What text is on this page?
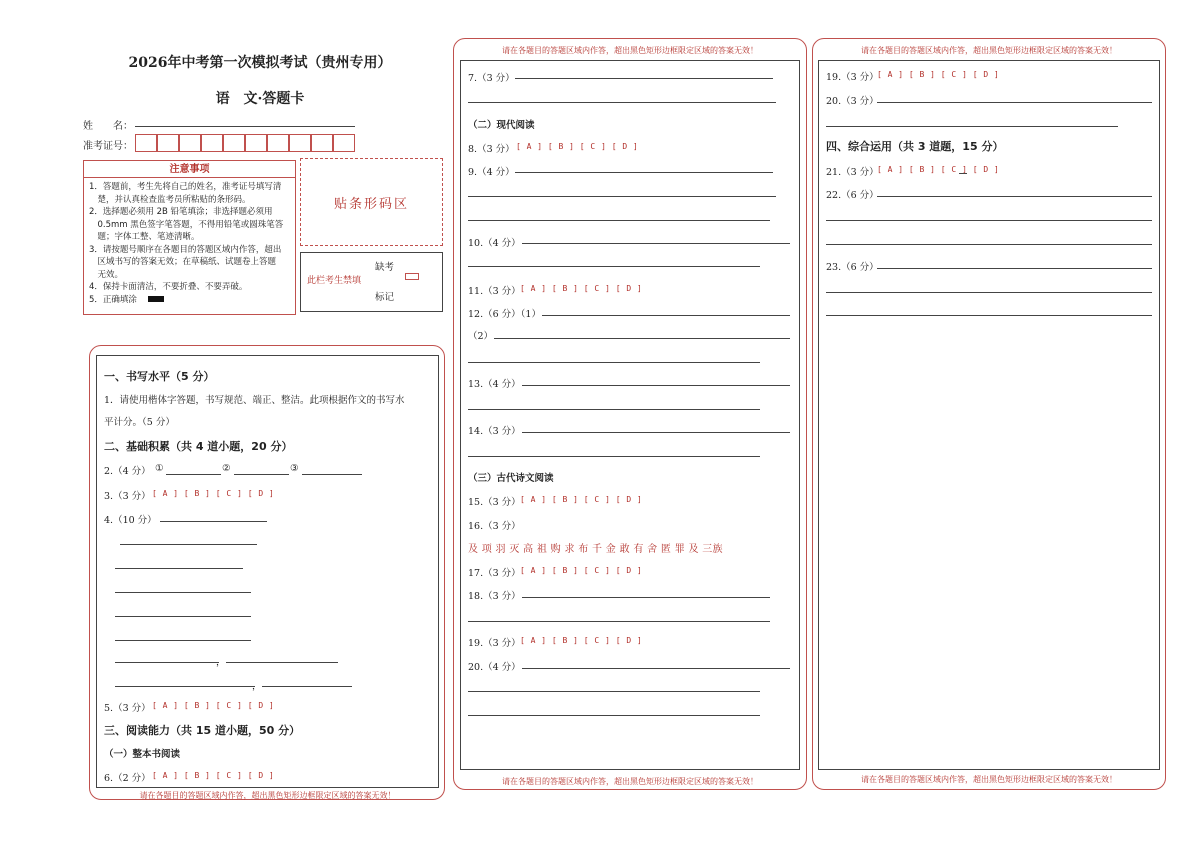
2026年中考第一次模拟考试（贵州专用）
语　文·答题卡
姓　　名：
准考证号：
注意事项
1．答题前，考生先将自己的姓名，准考证号填写清
　楚，并认真检查监考员所粘贴的条形码。
2．选择题必须用 2B 铅笔填涂；非选择题必须用
　0.5mm 黑色签字笔答题，不得用铅笔或圆珠笔答
　题；字体工整、笔迹清晰。
3．请按题号顺序在各题目的答题区域内作答，超出
　区域书写的答案无效；在草稿纸、试题卷上答题
　无效。
4．保持卡面清洁，不要折叠、不要弄破。
5．正确填涂
贴条形码区
此栏考生禁填
缺考
标记
请在各题目的答题区域内作答，超出黑色矩形边框限定区域的答案无效！
一、书写水平（5 分）
1．请使用楷体字答题，书写规范、端正、整洁。此项根据作文的书写水
平计分。（5 分）
二、基础积累（共 4 道小题，20 分）
2.（4 分） ①	②	③
3.（3 分） [ A ] [ B ] [ C ] [ D ]
4.（10 分）
，
，
5.（3 分） [ A ] [ B ] [ C ] [ D ]
三、阅读能力（共 15 道小题，50 分）
（一）整本书阅读
6.（2 分） [ A ] [ B ] [ C ] [ D ]
请在各题目的答题区域内作答，超出黑色矩形边框限定区域的答案无效！
请在各题目的答题区域内作答，超出黑色矩形边框限定区域的答案无效！
7.（3 分）
（二）现代阅读
8.（3 分） [ A ] [ B ] [ C ] [ D ]
9.（4 分）
10.（4 分）
11.（3 分） [ A ] [ B ] [ C ] [ D ]
12.（6 分）（1）
（2）
13.（4 分）
14.（3 分）
（三）古代诗文阅读
15.（3 分） [ A ] [ B ] [ C ] [ D ]
16.（3 分）
及 项 羽 灭 高 祖 购 求 布 千 金 敢 有 舍 匿 罪 及 三族
17.（3 分） [ A ] [ B ] [ C ] [ D ]
18.（3 分）
19.（3 分） [ A ] [ B ] [ C ] [ D ]
20.（4 分）
请在各题目的答题区域内作答，超出黑色矩形边框限定区域的答案无效！
请在各题目的答题区域内作答，超出黑色矩形边框限定区域的答案无效！
19.（3 分）
[ A ] [ B ] [ C ] [ D ]
20.（3 分）
四、综合运用（共 3 道题，15 分）
21.（3 分）
[ A ] [ B ] [ C ] [ D ]
22.（6 分）
23.（6 分）
